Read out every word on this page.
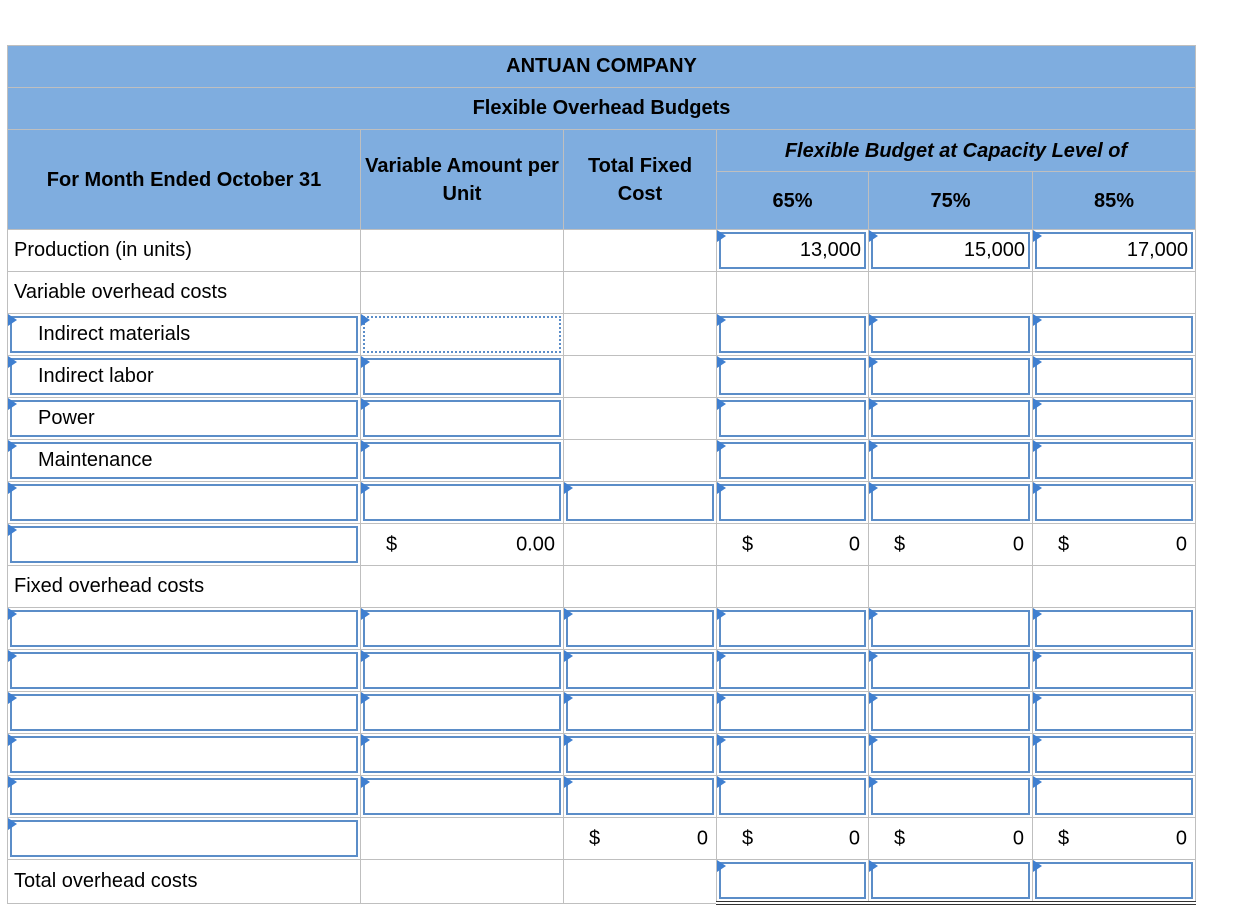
ANTUAN COMPANY					
Flexible Overhead Budgets					
For Month Ended October 31	Variable Amount per Unit	Total Fixed Cost	Flexible Budget at Capacity Level of		
			65%	75%	85%
Production (in units)			13,000	15,000	17,000

Variable overhead costs					

Indirect materials					

Indirect labor					

Power					

Maintenance					

	$ 0.00		$ 0	$ 0	$ 0

Fixed overhead costs					

		$ 0	$ 0	$ 0	$ 0

Total overhead costs			
